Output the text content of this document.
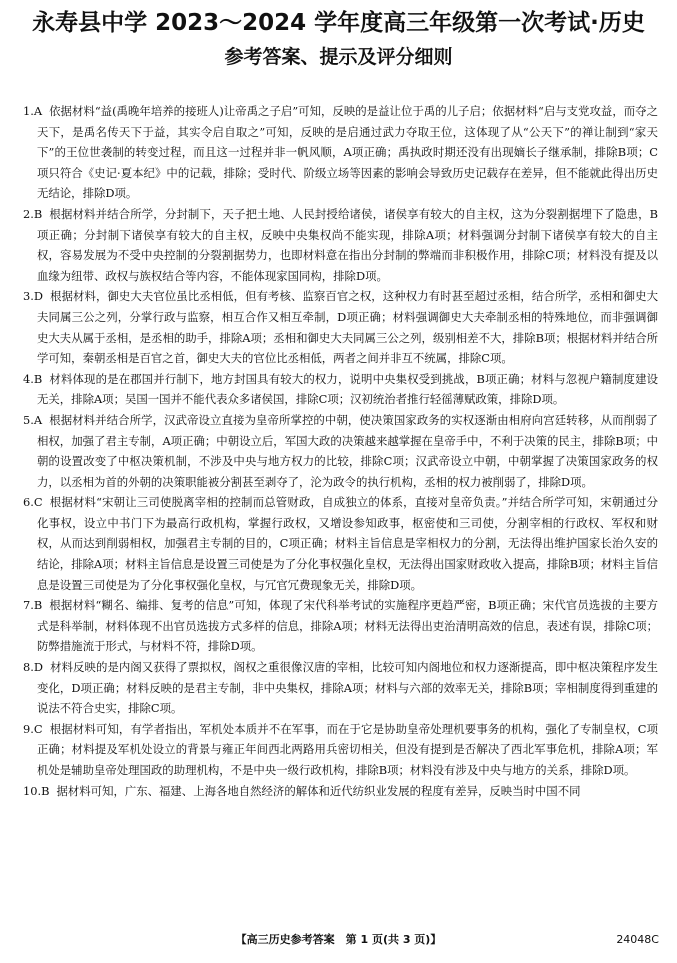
永寿县中学 2023～2024 学年度高三年级第一次考试·历史
参考答案、提示及评分细则

1.A 依据材料“益(禹晚年培养的接班人)让帝禹之子启”可知，反映的是益让位于禹的儿子启；依据材料“启与支党攻益，而夺之天下，是禹名传天下于益，其实令启自取之”可知，反映的是启通过武力夺取王位，这体现了从“公天下”的禅让制到“家天下”的王位世袭制的转变过程，而且这一过程并非一帆风顺，A项正确；禹执政时期还没有出现嫡长子继承制，排除B项；C项只符合《史记·夏本纪》中的记载，排除；受时代、阶级立场等因素的影响会导致历史记载存在差异，但不能就此得出历史无结论，排除D项。

2.B 根据材料并结合所学，分封制下，天子把土地、人民封授给诸侯，诸侯享有较大的自主权，这为分裂割据埋下了隐患，B项正确；分封制下诸侯享有较大的自主权，反映中央集权尚不能实现，排除A项；材料强调分封制下诸侯享有较大的自主权，容易发展为不受中央控制的分裂割据势力，也即材料意在指出分封制的弊端而非积极作用，排除C项；材料没有提及以血缘为纽带、政权与族权结合等内容，不能体现家国同构，排除D项。

3.D 根据材料，御史大夫官位虽比丞相低，但有考核、监察百官之权，这种权力有时甚至超过丞相，结合所学，丞相和御史大夫同属三公之列，分掌行政与监察，相互合作又相互牵制，D项正确；材料强调御史大夫牵制丞相的特殊地位，而非强调御史大夫从属于丞相，是丞相的助手，排除A项；丞相和御史大夫同属三公之列，级别相差不大，排除B项；根据材料并结合所学可知，秦朝丞相是百官之首，御史大夫的官位比丞相低，两者之间并非互不统属，排除C项。

4.B 材料体现的是在郡国并行制下，地方封国具有较大的权力，说明中央集权受到挑战，B项正确；材料与忽视户籍制度建设无关，排除A项；吴国一国并不能代表众多诸侯国，排除C项；汉初统治者推行轻徭薄赋政策，排除D项。

5.A 根据材料并结合所学，汉武帝设立直接为皇帝所掌控的中朝，使决策国家政务的实权逐渐由相府向宫廷转移，从而削弱了相权，加强了君主专制，A项正确；中朝设立后，军国大政的决策越来越掌握在皇帝手中，不利于决策的民主，排除B项；中朝的设置改变了中枢决策机制，不涉及中央与地方权力的比较，排除C项；汉武帝设立中朝，中朝掌握了决策国家政务的权力，以丞相为首的外朝的决策职能被分割甚至剥夺了，沦为政令的执行机构，丞相的权力被削弱了，排除D项。

6.C 根据材料“宋朝让三司使脱离宰相的控制而总管财政，自成独立的体系，直接对皇帝负责。”并结合所学可知，宋朝通过分化事权，设立中书门下为最高行政机构，掌握行政权，又增设参知政事，枢密使和三司使，分割宰相的行政权、军权和财权，从而达到削弱相权，加强君主专制的目的，C项正确；材料主旨信息是宰相权力的分割，无法得出维护国家长治久安的结论，排除A项；材料主旨信息是设置三司使是为了分化事权强化皇权，无法得出国家财政收入提高，排除B项；材料主旨信息是设置三司使是为了分化事权强化皇权，与冗官冗费现象无关，排除D项。

7.B 根据材料“糊名、编排、复考的信息”可知，体现了宋代科举考试的实施程序更趋严密，B项正确；宋代官员选拔的主要方式是科举制，材料体现不出官员选拔方式多样的信息，排除A项；材料无法得出吏治清明高效的信息，表述有误，排除C项；防弊措施流于形式，与材料不符，排除D项。

8.D 材料反映的是内阁又获得了票拟权，阁权之重很像汉唐的宰相，比较可知内阁地位和权力逐渐提高，即中枢决策程序发生变化，D项正确；材料反映的是君主专制，非中央集权，排除A项；材料与六部的效率无关，排除B项；宰相制度得到重建的说法不符合史实，排除C项。

9.C 根据材料可知，有学者指出，军机处本质并不在军事，而在于它是协助皇帝处理机要事务的机构，强化了专制皇权，C项正确；材料提及军机处设立的背景与雍正年间西北两路用兵密切相关，但没有提到是否解决了西北军事危机，排除A项；军机处是辅助皇帝处理国政的助理机构，不是中央一级行政机构，排除B项；材料没有涉及中央与地方的关系，排除D项。

10.B 据材料可知，广东、福建、上海各地自然经济的解体和近代纺织业发展的程度有差异，反映当时中国不同

【高三历史参考答案　第 1 页(共 3 页)】	24048C
